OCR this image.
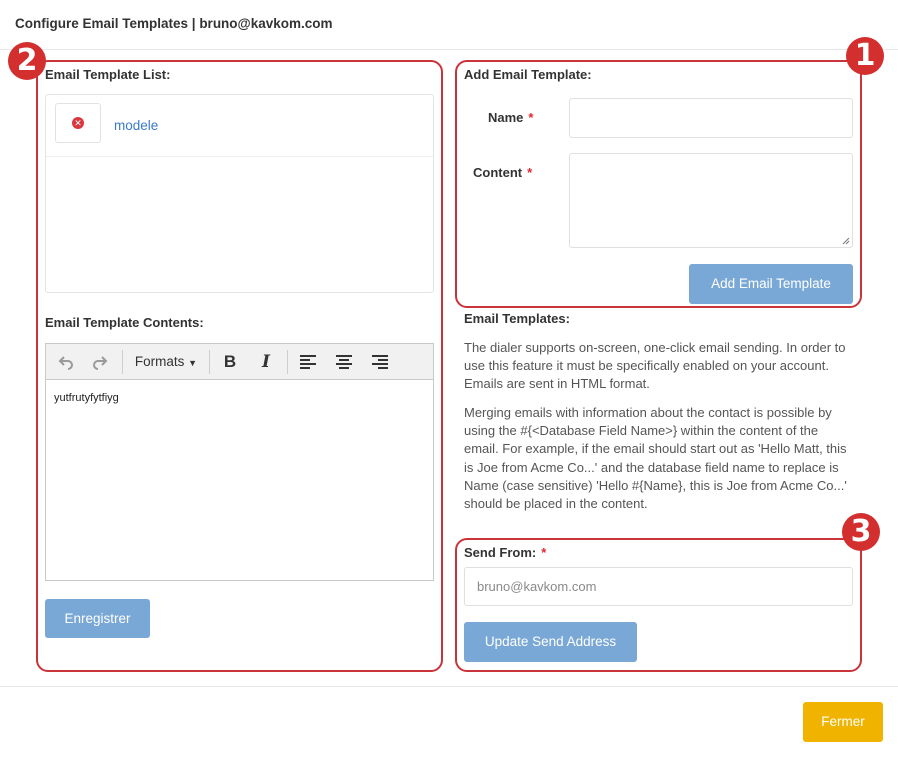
Configure Email Templates | bruno@kavkom.com
Email Template List:
✕ modele
Email Template Contents:
Formats ▼	B	I
yutfrutyfytfiyg
Enregistrer
Add Email Template:
Name *
Content *
Add Email Template
Email Templates:
The dialer supports on-screen, one-click email sending. In order to use this feature it must be specifically enabled on your account. Emails are sent in HTML format.
Merging emails with information about the contact is possible by using the #{<Database Field Name>} within the content of the email. For example, if the email should start out as 'Hello Matt, this is Joe from Acme Co...' and the database field name to replace is Name (case sensitive) 'Hello #{Name}, this is Joe from Acme Co...' should be placed in the content.
Send From: *
bruno@kavkom.com
Update Send Address
1
2
3
Fermer
